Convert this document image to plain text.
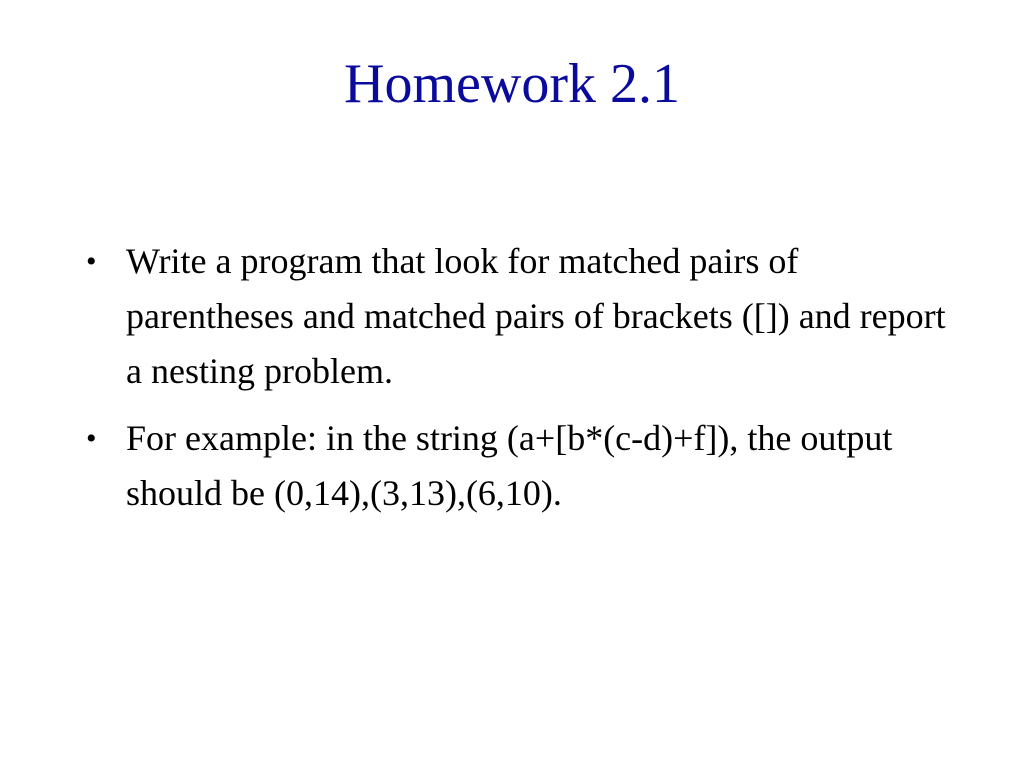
Homework 2.1
• Write a program that look for matched pairs of parentheses and matched pairs of brackets ([]) and report a nesting problem.
• For example: in the string (a+[b*(c-d)+f]), the output should be (0,14),(3,13),(6,10).
